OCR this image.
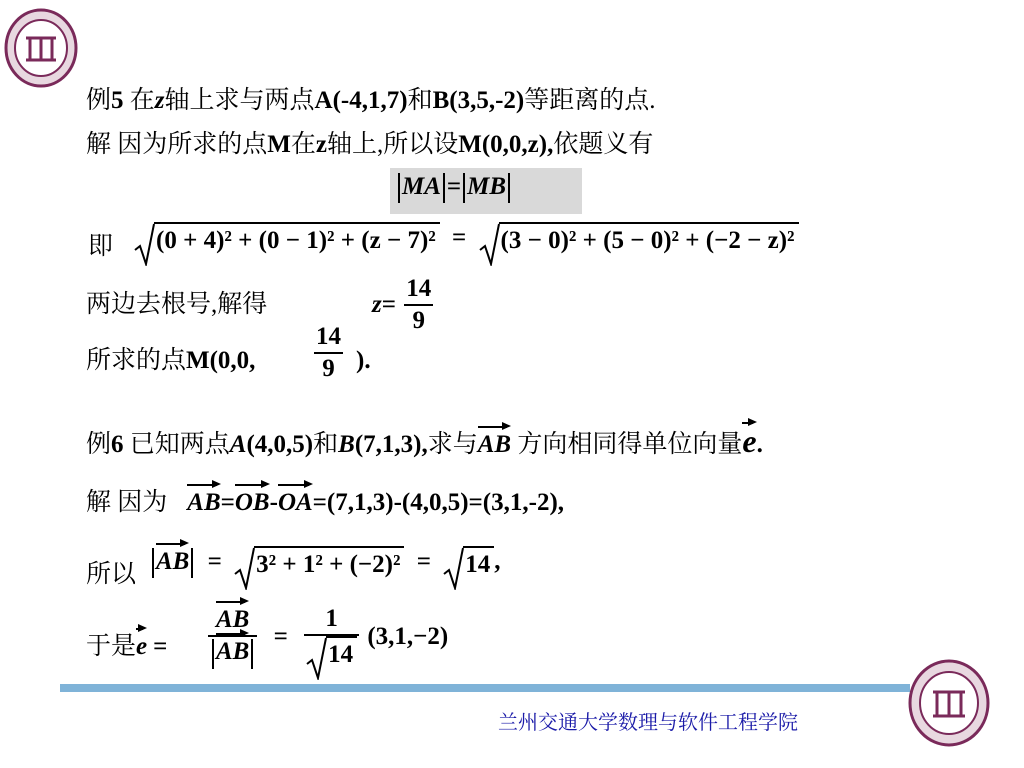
例5 在z轴上求与两点A(-4,1,7)和B(3,5,-2)等距离的点.
解 因为所求的点M在z轴上,所以设M(0,0,z),依题义有
MA = MB
即	(0 + 4)² + (0 − 1)² + (z − 7)² = (3 − 0)² + (5 − 0)² + (−2 − z)²
两边去根号,解得	$z= \frac{14}{9}$
所求的点M(0,0, $\frac{14}{9}$ ).
例6 已知两点A(4,0,5)和B(7,1,3),求与AB 方向相同得单位向量e.
解 因为 AB=OB-OA=(7,1,3)-(4,0,5)=(3,1,-2),
所以 AB = 3² + 1² + (−2)² = 14 ,
于是$e = \frac{AB}{AB} = \frac{1}{14} (3,1,-2)$
兰州交通大学数理与软件工程学院
